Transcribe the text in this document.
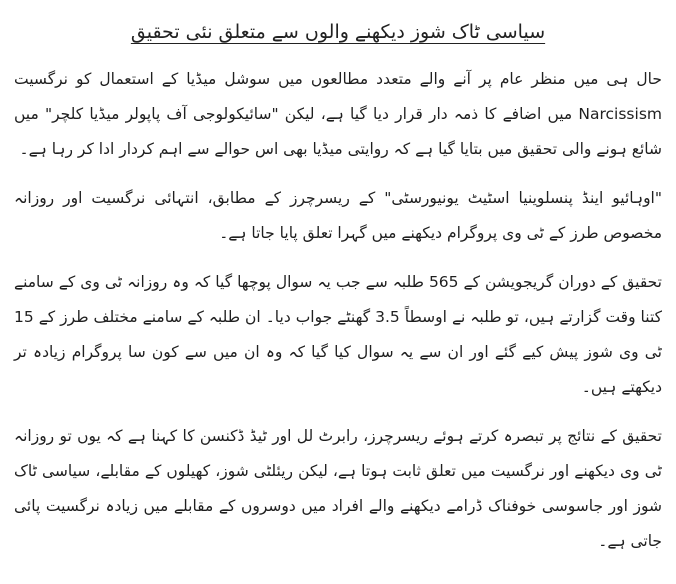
سیاسی ٹاک شوز دیکھنے والوں سے متعلق نئی تحقیق

حال ہی میں منظر عام پر آنے والے متعدد مطالعوں میں سوشل میڈیا کے استعمال کو نرگسیت Narcissism میں اضافے کا ذمہ دار قرار دیا گیا ہے، لیکن "سائیکولوجی آف پاپولر میڈیا کلچر" میں شائع ہونے والی تحقیق میں بتایا گیا ہے کہ روایتی میڈیا بھی اس حوالے سے اہم کردار ادا کر رہا ہے۔

"اوہائیو اینڈ پنسلوینیا اسٹیٹ یونیورسٹی" کے ریسرچرز کے مطابق، انتہائی نرگسیت اور روزانہ مخصوص طرز کے ٹی وی پروگرام دیکھنے میں گہرا تعلق پایا جاتا ہے۔

تحقیق کے دوران گریجویشن کے 565 طلبہ سے جب یہ سوال پوچھا گیا کہ وہ روزانہ ٹی وی کے سامنے کتنا وقت گزارتے ہیں، تو طلبہ نے اوسطاً 3.5 گھنٹے جواب دیا۔ ان طلبہ کے سامنے مختلف طرز کے 15 ٹی وی شوز پیش کیے گئے اور ان سے یہ سوال کیا گیا کہ وہ ان میں سے کون سا پروگرام زیادہ تر دیکھتے ہیں۔

تحقیق کے نتائج پر تبصرہ کرتے ہوئے ریسرچرز، رابرٹ لل اور ٹیڈ ڈکنسن کا کہنا ہے کہ یوں تو روزانہ ٹی وی دیکھنے اور نرگسیت میں تعلق ثابت ہوتا ہے، لیکن ریئلٹی شوز، کھیلوں کے مقابلے، سیاسی ٹاک شوز اور جاسوسی خوفناک ڈرامے دیکھنے والے افراد میں دوسروں کے مقابلے میں زیادہ نرگسیت پائی جاتی ہے۔
